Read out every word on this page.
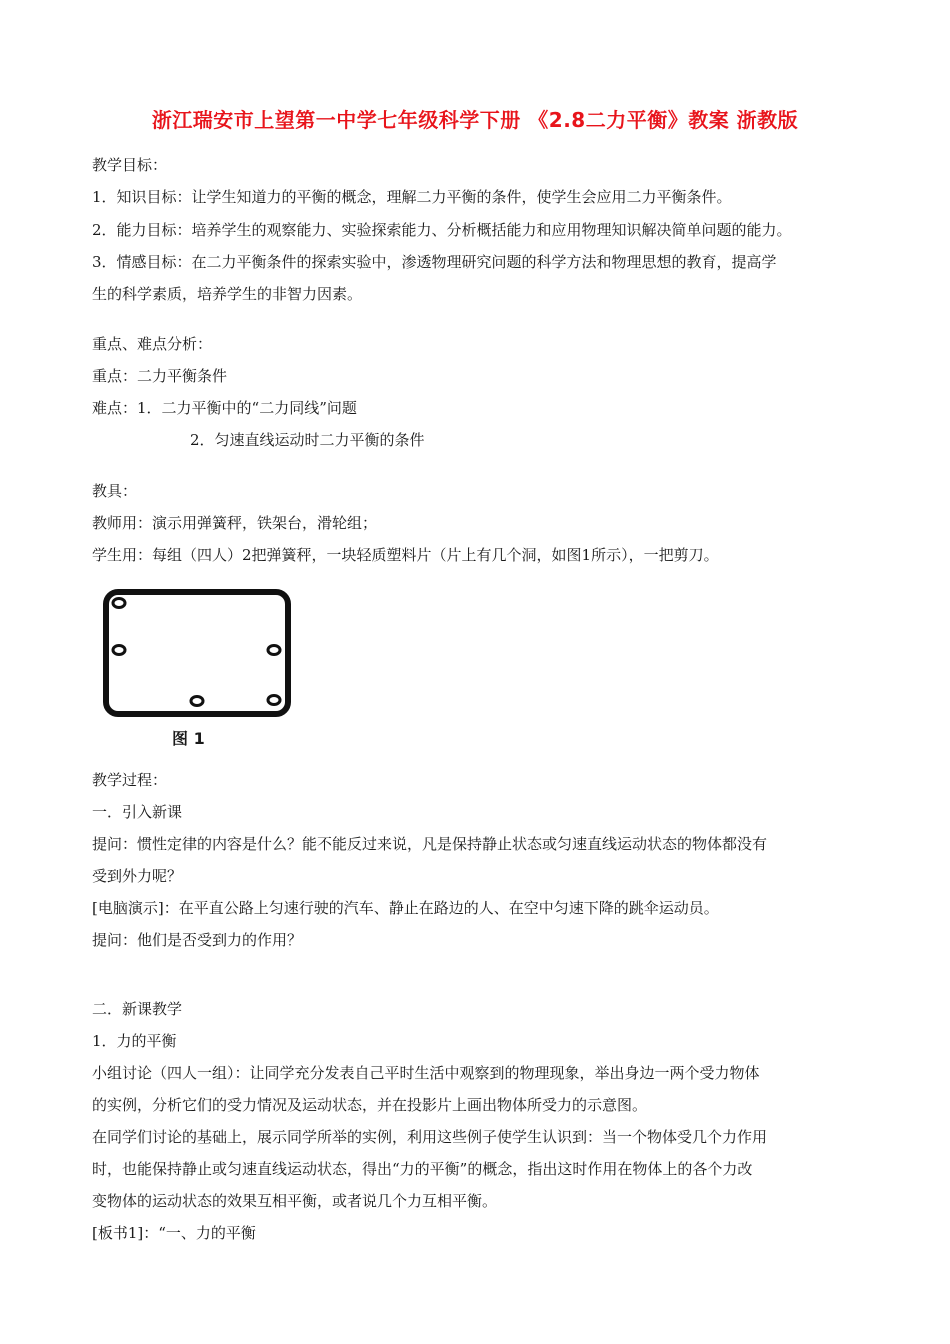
浙江瑞安市上望第一中学七年级科学下册 《2.8二力平衡》教案 浙教版
教学目标：
1．知识目标：让学生知道力的平衡的概念，理解二力平衡的条件，使学生会应用二力平衡条件。
2．能力目标：培养学生的观察能力、实验探索能力、分析概括能力和应用物理知识解决简单问题的能力。
3．情感目标：在二力平衡条件的探索实验中，渗透物理研究问题的科学方法和物理思想的教育，提高学
生的科学素质，培养学生的非智力因素。
重点、难点分析：
重点：二力平衡条件
难点：1．二力平衡中的“二力同线”问题
2．匀速直线运动时二力平衡的条件
教具：
教师用：演示用弹簧秤，铁架台，滑轮组；
学生用：每组（四人）2把弹簧秤，一块轻质塑料片（片上有几个洞，如图1所示），一把剪刀。
图 1
教学过程：
一．引入新课
提问：惯性定律的内容是什么？能不能反过来说，凡是保持静止状态或匀速直线运动状态的物体都没有
受到外力呢？
[电脑演示]：在平直公路上匀速行驶的汽车、静止在路边的人、在空中匀速下降的跳伞运动员。
提问：他们是否受到力的作用？
二．新课教学
1．力的平衡
小组讨论（四人一组）：让同学充分发表自己平时生活中观察到的物理现象，举出身边一两个受力物体
的实例，分析它们的受力情况及运动状态，并在投影片上画出物体所受力的示意图。
在同学们讨论的基础上，展示同学所举的实例，利用这些例子使学生认识到：当一个物体受几个力作用
时，也能保持静止或匀速直线运动状态，得出“力的平衡”的概念，指出这时作用在物体上的各个力改
变物体的运动状态的效果互相平衡，或者说几个力互相平衡。
[板书1]：“一、力的平衡
